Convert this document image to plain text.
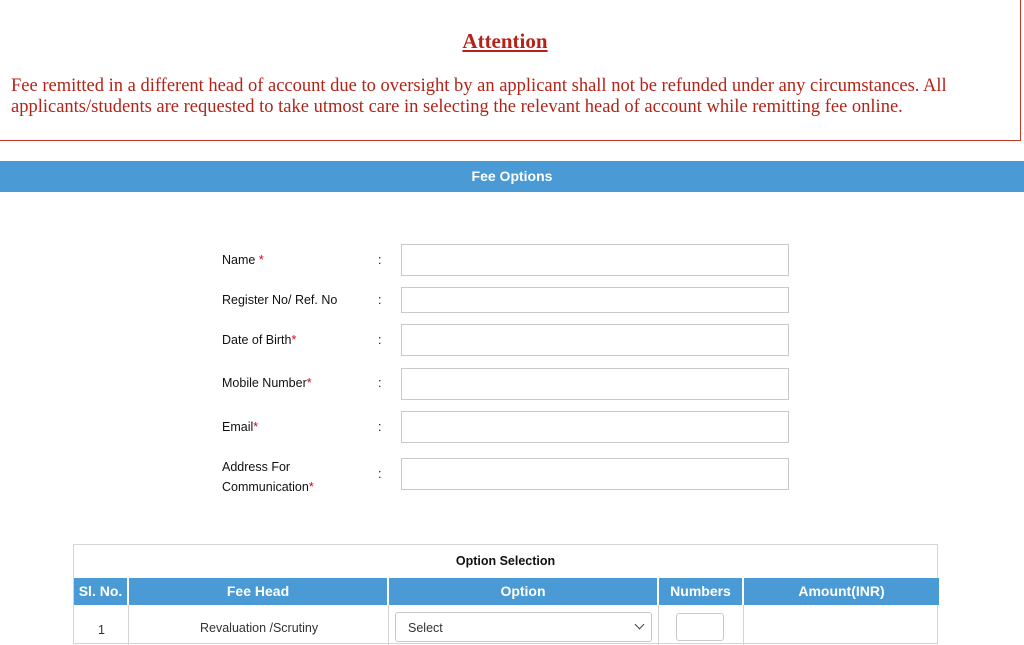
Attention
Fee remitted in a different head of account due to oversight by an applicant shall not be refunded under any circumstances. All applicants/students are requested to take utmost care in selecting the relevant head of account while remitting fee online.
Fee Options
Name *	:
Register No/ Ref. No	:
Date of Birth*	:
Mobile Number*	:
Email*	:
Address For
Communication*
:
Option Selection
Sl. No.	Fee Head	Option	Numbers	Amount(INR)
1	Revaluation /Scrutiny	Select
